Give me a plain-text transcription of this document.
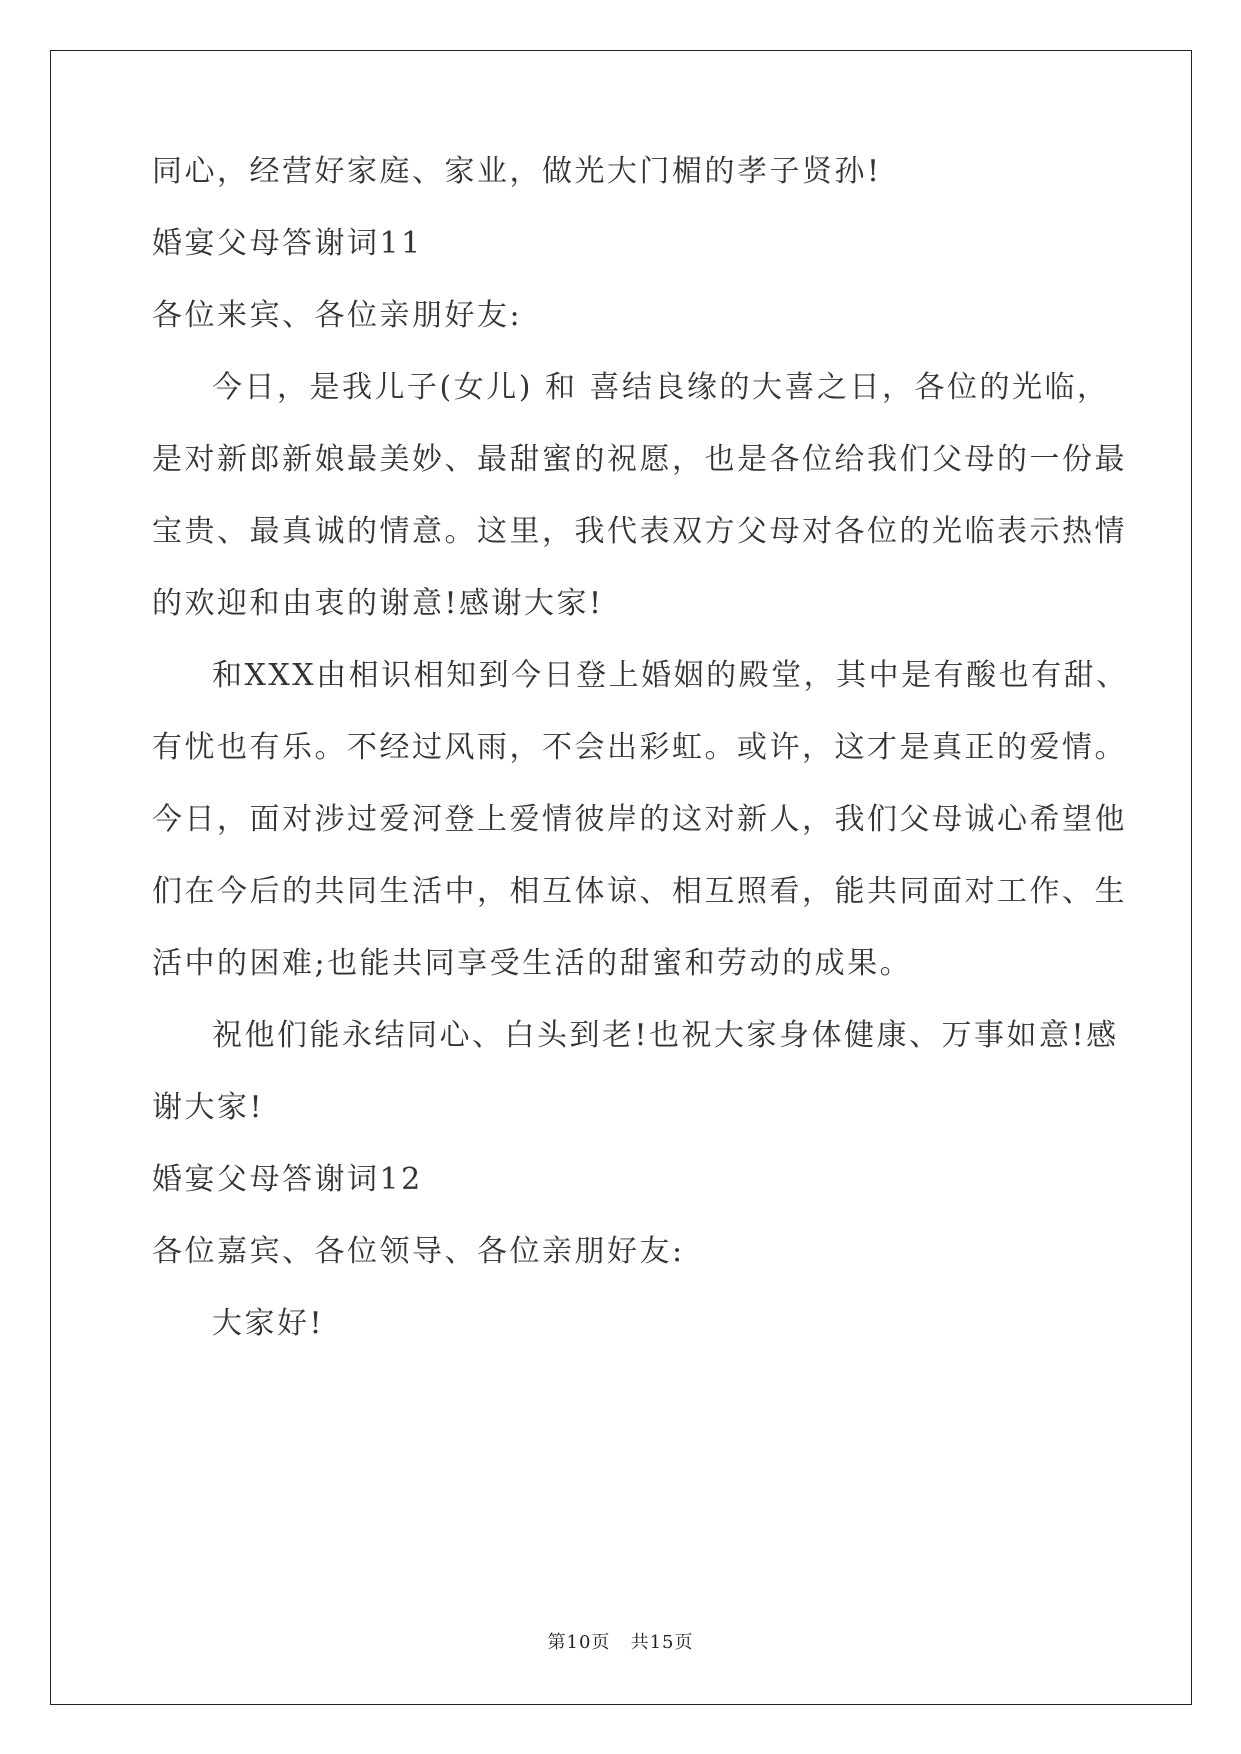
同心，经营好家庭、家业，做光大门楣的孝子贤孙!
婚宴父母答谢词11
各位来宾、各位亲朋好友:
今日，是我儿子(女儿) 和 喜结良缘的大喜之日，各位的光临，
是对新郎新娘最美妙、最甜蜜的祝愿，也是各位给我们父母的一份最
宝贵、最真诚的情意。这里，我代表双方父母对各位的光临表示热情
的欢迎和由衷的谢意!感谢大家!
和XXX由相识相知到今日登上婚姻的殿堂，其中是有酸也有甜、
有忧也有乐。不经过风雨，不会出彩虹。或许，这才是真正的爱情。
今日，面对涉过爱河登上爱情彼岸的这对新人，我们父母诚心希望他
们在今后的共同生活中，相互体谅、相互照看，能共同面对工作、生
活中的困难;也能共同享受生活的甜蜜和劳动的成果。
祝他们能永结同心、白头到老!也祝大家身体健康、万事如意!感
谢大家!
婚宴父母答谢词12
各位嘉宾、各位领导、各位亲朋好友:
大家好!
第10页 共15页
